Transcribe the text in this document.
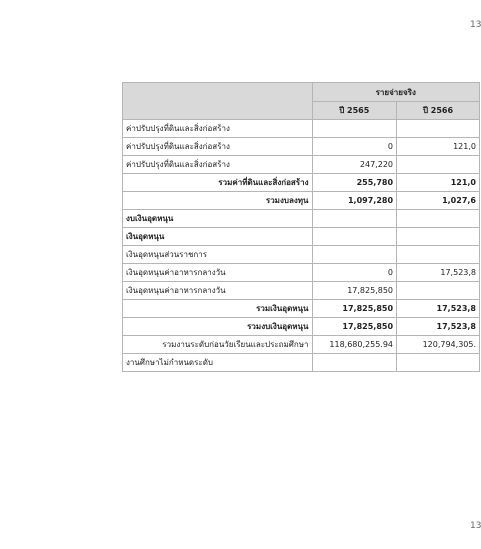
13
	รายจ่ายจริง	
	ปี 2565	ปี 2566
ค่าปรับปรุงที่ดินและสิ่งก่อสร้าง		
ค่าปรับปรุงที่ดินและสิ่งก่อสร้าง	0	121,0
ค่าปรับปรุงที่ดินและสิ่งก่อสร้าง	247,220	
รวมค่าที่ดินและสิ่งก่อสร้าง	255,780	121,0
รวมงบลงทุน	1,097,280	1,027,6
งบเงินอุดหนุน		
เงินอุดหนุน		
เงินอุดหนุนส่วนราชการ		
เงินอุดหนุนค่าอาหารกลางวัน	0	17,523,8
เงินอุดหนุนค่าอาหารกลางวัน	17,825,850	
รวมเงินอุดหนุน	17,825,850	17,523,8
รวมงบเงินอุดหนุน	17,825,850	17,523,8
รวมงานระดับก่อนวัยเรียนและประถมศึกษา	118,680,255.94	120,794,305.
งานศึกษาไม่กำหนดระดับ		
13
